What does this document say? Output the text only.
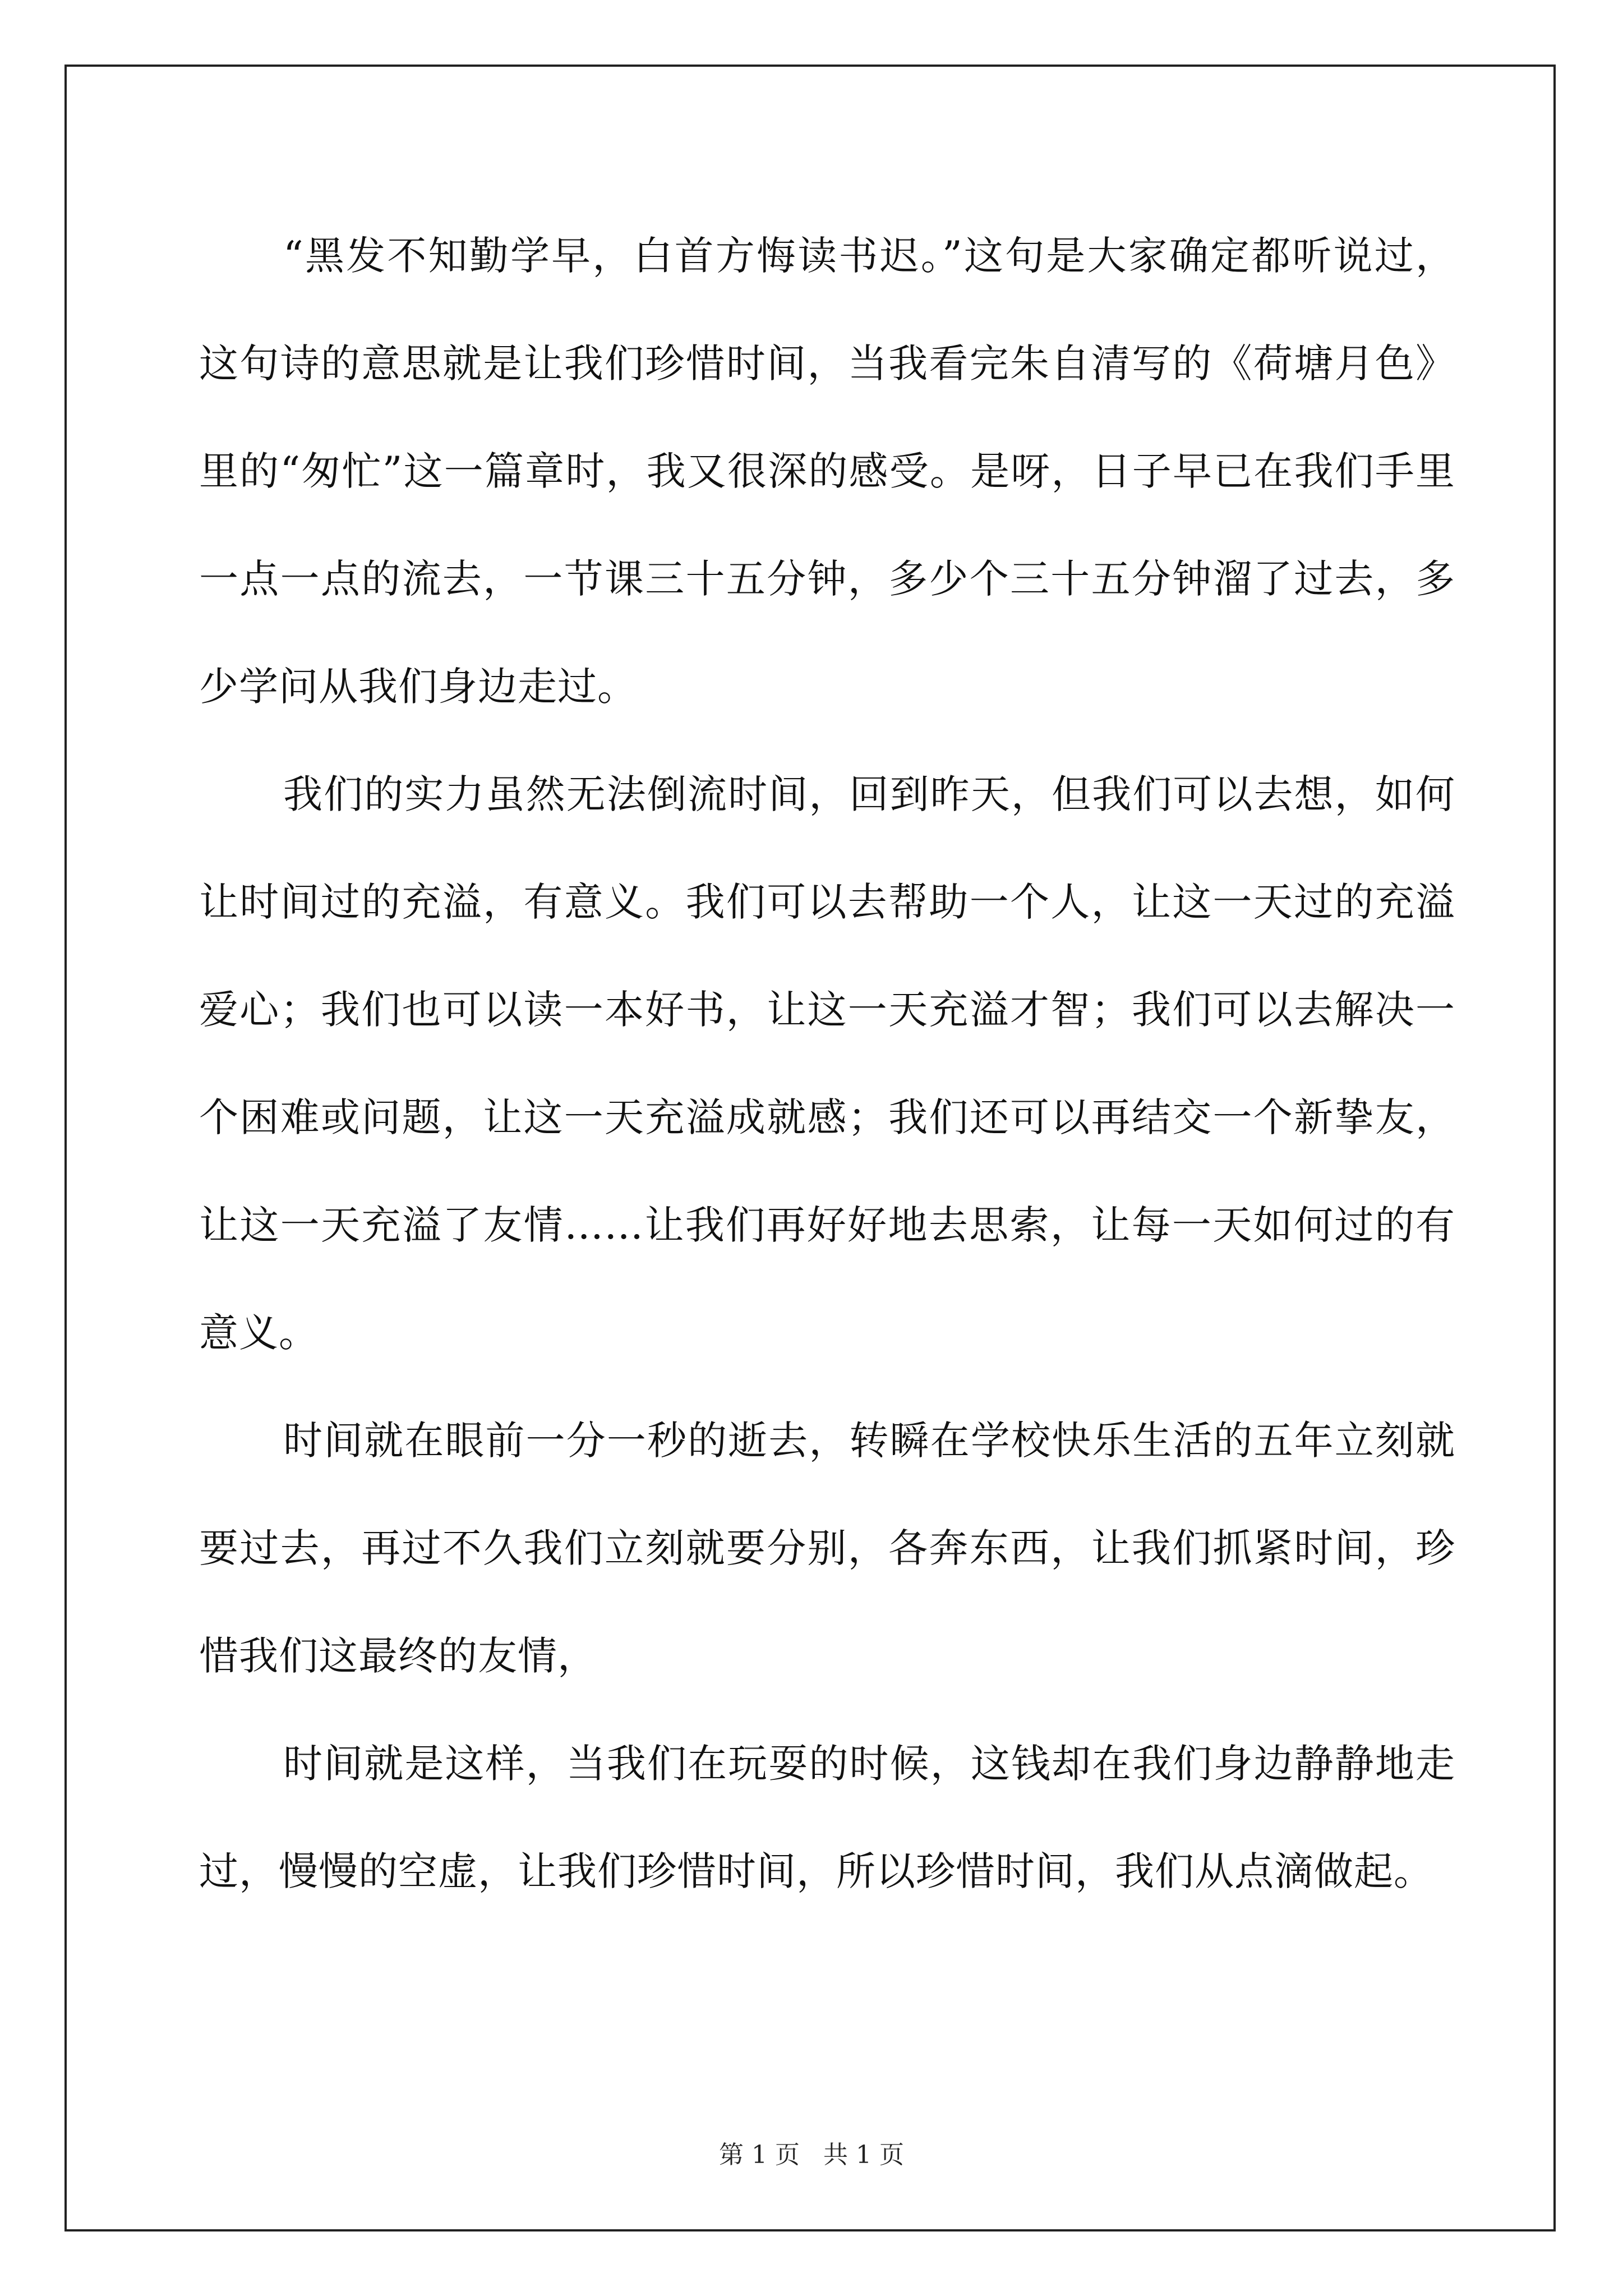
“黑发不知勤学早，白首方悔读书迟。”这句是大家确定都听说过，这句诗的意思就是让我们珍惜时间，当我看完朱自清写的《荷塘月色》里的“匆忙”这一篇章时，我又很深的感受。是呀，日子早已在我们手里一点一点的流去，一节课三十五分钟，多少个三十五分钟溜了过去，多少学问从我们身边走过。

我们的实力虽然无法倒流时间，回到昨天，但我们可以去想，如何让时间过的充溢，有意义。我们可以去帮助一个人，让这一天过的充溢爱心；我们也可以读一本好书，让这一天充溢才智；我们可以去解决一个困难或问题，让这一天充溢成就感；我们还可以再结交一个新挚友，让这一天充溢了友情……让我们再好好地去思索，让每一天如何过的有意义。

时间就在眼前一分一秒的逝去，转瞬在学校快乐生活的五年立刻就要过去，再过不久我们立刻就要分别，各奔东西，让我们抓紧时间，珍惜我们这最终的友情，

时间就是这样，当我们在玩耍的时候，这钱却在我们身边静静地走过，慢慢的空虚，让我们珍惜时间，所以珍惜时间，我们从点滴做起。

第 1 页   共 1 页
